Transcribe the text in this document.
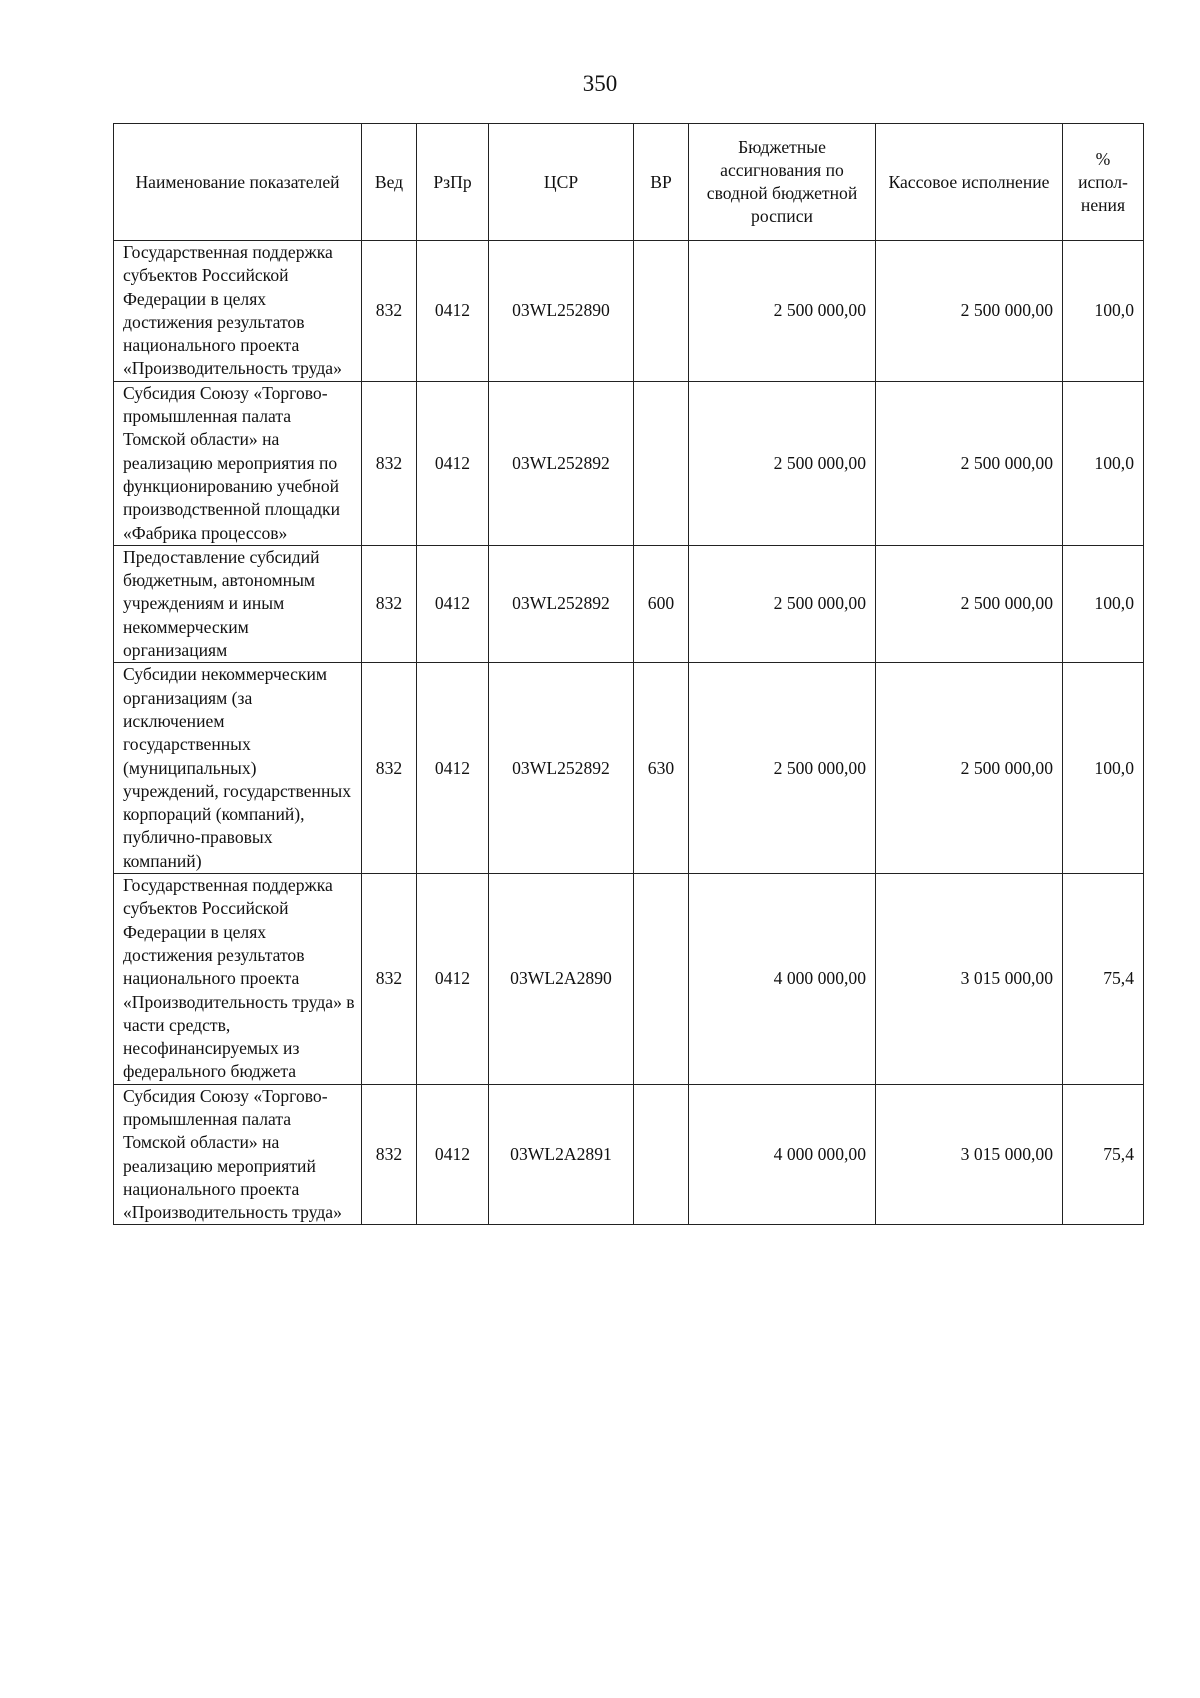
350
Наименование показателей	Вед	РзПр	ЦСР	ВР	Бюджетные ассигнования по сводной бюджетной росписи	Кассовое исполнение	% испол-нения
Государственная поддержка субъектов Российской Федерации в целях достижения результатов национального проекта «Производительность труда»	832	0412	03WL252890		2 500 000,00	2 500 000,00	100,0
Субсидия Союзу «Торгово-промышленная палата Томской области» на реализацию мероприятия по функционированию учебной производственной площадки «Фабрика процессов»	832	0412	03WL252892		2 500 000,00	2 500 000,00	100,0
Предоставление субсидий бюджетным, автономным учреждениям и иным некоммерческим организациям	832	0412	03WL252892	600	2 500 000,00	2 500 000,00	100,0
Субсидии некоммерческим организациям (за исключением государственных (муниципальных) учреждений, государственных корпораций (компаний), публично-правовых компаний)	832	0412	03WL252892	630	2 500 000,00	2 500 000,00	100,0
Государственная поддержка субъектов Российской Федерации в целях достижения результатов национального проекта «Производительность труда» в части средств, несофинансируемых из федерального бюджета	832	0412	03WL2A2890		4 000 000,00	3 015 000,00	75,4
Субсидия Союзу «Торгово-промышленная палата Томской области» на реализацию мероприятий национального проекта «Производительность труда»	832	0412	03WL2A2891		4 000 000,00	3 015 000,00	75,4
